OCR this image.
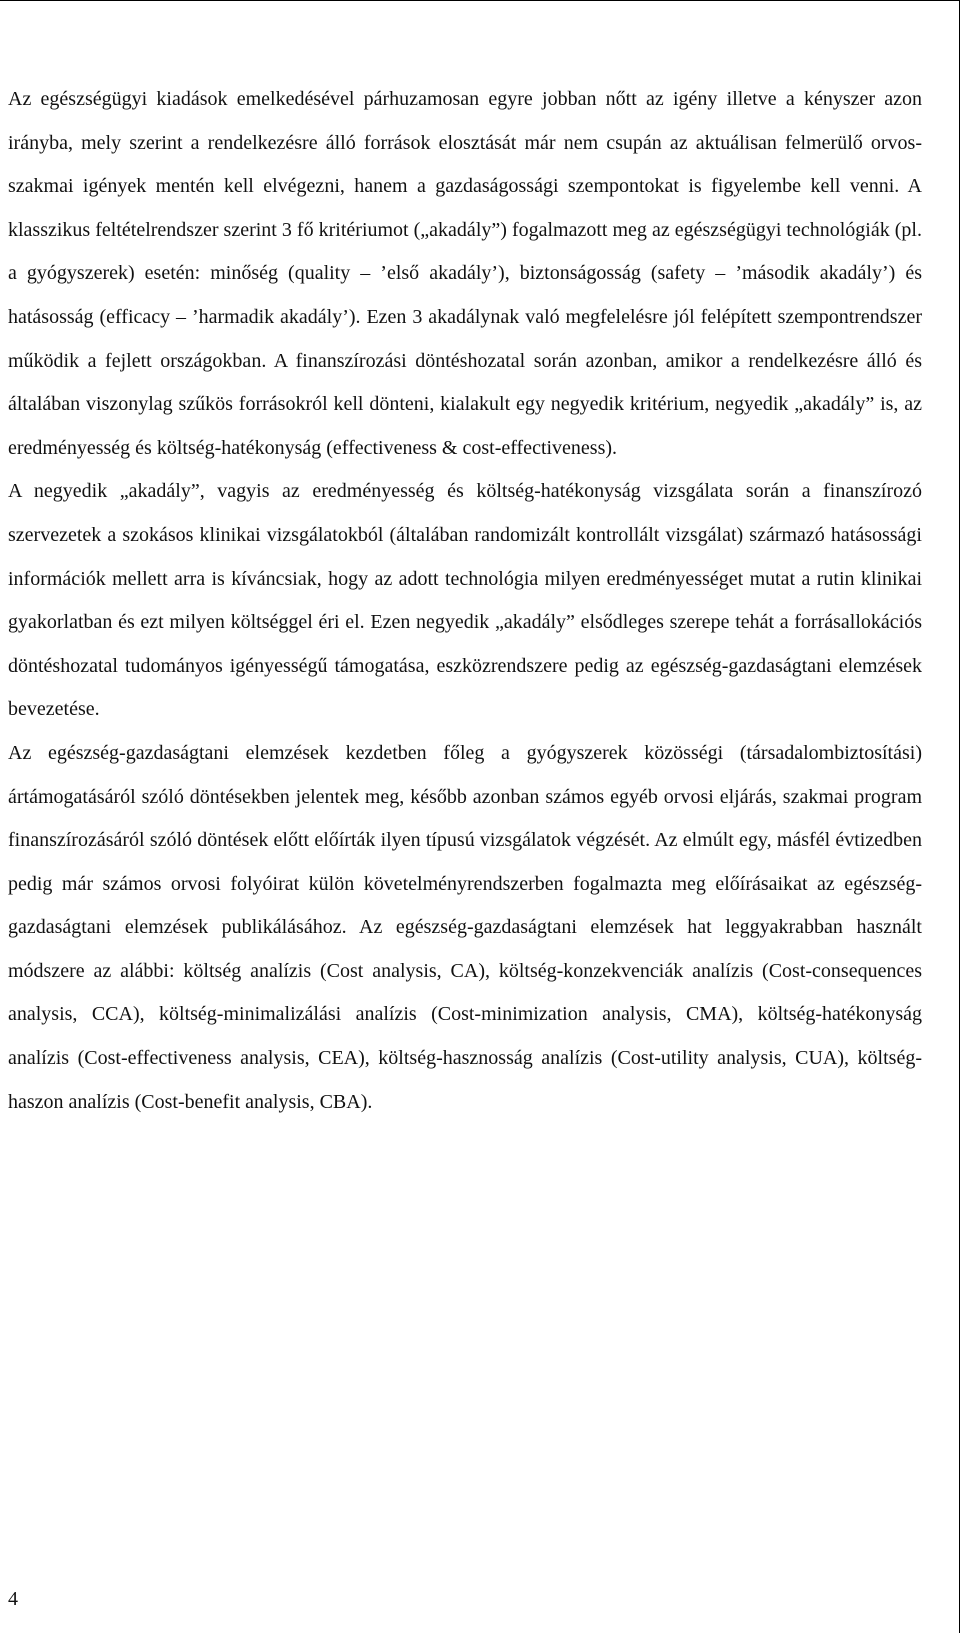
Az egészségügyi kiadások emelkedésével párhuzamosan egyre jobban nőtt az igény illetve a kényszer azon irányba, mely szerint a rendelkezésre álló források elosztását már nem csupán az aktuálisan felmerülő orvos-szakmai igények mentén kell elvégezni, hanem a gazdaságossági szempontokat is figyelembe kell venni. A klasszikus feltételrendszer szerint 3 fő kritériumot („akadály”) fogalmazott meg az egészségügyi technológiák (pl. a gyógyszerek) esetén: minőség (quality – ’első akadály’), biztonságosság (safety – ’második akadály’) és hatásosság (efficacy – ’harmadik akadály’). Ezen 3 akadálynak való megfelelésre jól felépített szempontrendszer működik a fejlett országokban. A finanszírozási döntéshozatal során azonban, amikor a rendelkezésre álló és általában viszonylag szűkös forrásokról kell dönteni, kialakult egy negyedik kritérium, negyedik „akadály” is, az eredményesség és költség-hatékonyság (effectiveness & cost-effectiveness).

A negyedik „akadály”, vagyis az eredményesség és költség-hatékonyság vizsgálata során a finanszírozó szervezetek a szokásos klinikai vizsgálatokból (általában randomizált kontrollált vizsgálat) származó hatásossági információk mellett arra is kíváncsiak, hogy az adott technológia milyen eredményességet mutat a rutin klinikai gyakorlatban és ezt milyen költséggel éri el. Ezen negyedik „akadály” elsődleges szerepe tehát a forrásallokációs döntéshozatal tudományos igényességű támogatása, eszközrendszere pedig az egészség-gazdaságtani elemzések bevezetése.

Az egészség-gazdaságtani elemzések kezdetben főleg a gyógyszerek közösségi (társadalombiztosítási) ártámogatásáról szóló döntésekben jelentek meg, később azonban számos egyéb orvosi eljárás, szakmai program finanszírozásáról szóló döntések előtt előírták ilyen típusú vizsgálatok végzését. Az elmúlt egy, másfél évtizedben pedig már számos orvosi folyóirat külön követelményrendszerben fogalmazta meg előírásaikat az egészség-gazdaságtani elemzések publikálásához. Az egészség-gazdaságtani elemzések hat leggyakrabban használt módszere az alábbi: költség analízis (Cost analysis, CA), költség-konzekvenciák analízis (Cost-consequences analysis, CCA), költség-minimalizálási analízis (Cost-minimization analysis, CMA), költség-hatékonyság analízis (Cost-effectiveness analysis, CEA), költség-hasznosság analízis (Cost-utility analysis, CUA), költség-haszon analízis (Cost-benefit analysis, CBA).

4
